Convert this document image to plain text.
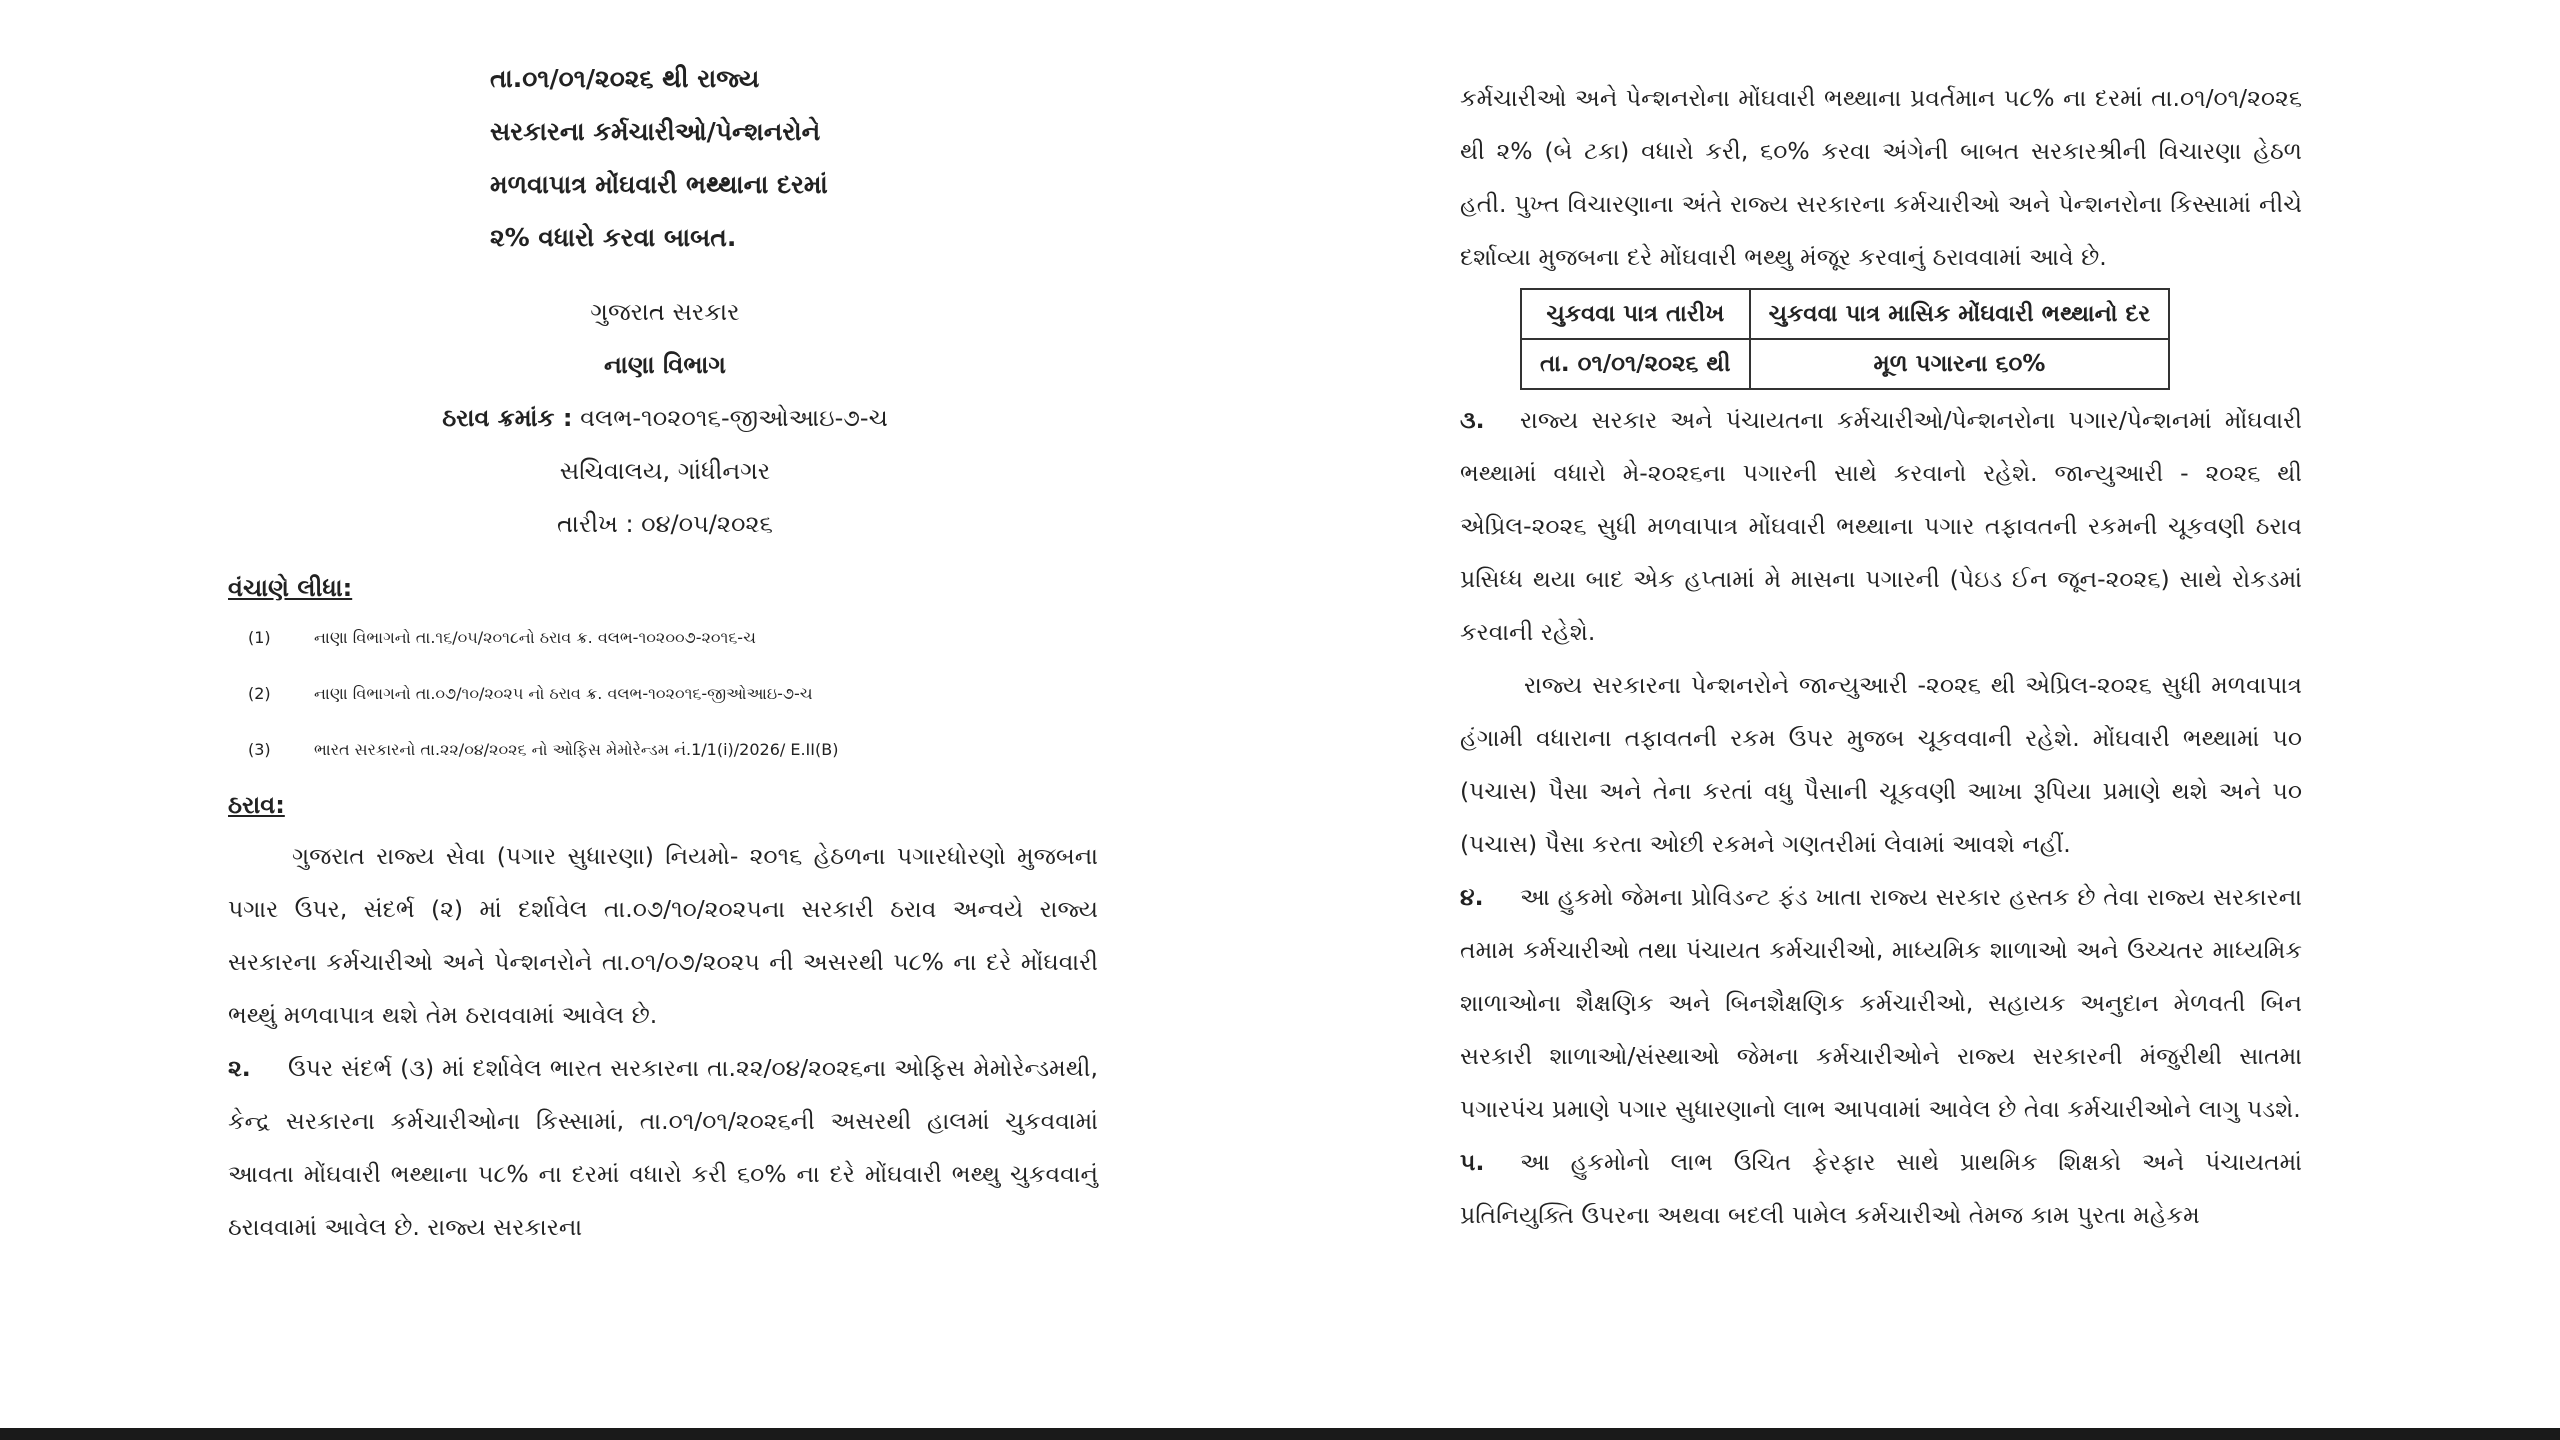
તા.૦૧/૦૧/૨૦૨૬ થી રાજ્ય
સરકારના કર્મચારીઓ/પેન્શનરોને
મળવાપાત્ર મોંઘવારી ભથ્થાના દરમાં
૨% વધારો કરવા બાબત.
ગુજરાત સરકાર
નાણા વિભાગ
ઠરાવ ક્રમાંક : વલભ-૧૦૨૦૧૬-જીઓઆઇ-૭-ચ
સચિવાલય, ગાંધીનગર
તારીખ : ૦૪/૦૫/૨૦૨૬
વંચાણે લીધા:
(1)	નાણા વિભાગનો તા.૧૬/૦૫/૨૦૧૮નો ઠરાવ ક્ર. વલભ-૧૦૨૦૦૭-૨૦૧૬-ચ
(2)	નાણા વિભાગનો તા.૦૭/૧૦/૨૦૨૫ નો ઠરાવ ક્ર. વલભ-૧૦૨૦૧૬-જીઓઆઇ-૭-ચ
(3)	ભારત સરકારનો તા.૨૨/૦૪/૨૦૨૬ નો ઓફિસ મેમોરેન્ડમ નં.1/1(i)/2026/ E.II(B)
ઠરાવ:

ગુજરાત રાજ્ય સેવા (પગાર સુધારણા) નિયમો- ૨૦૧૬ હેઠળના પગારધોરણો મુજબના પગાર ઉપર, સંદર્ભ (૨) માં દર્શાવેલ તા.૦૭/૧૦/૨૦૨૫ના સરકારી ઠરાવ અન્વયે રાજ્ય સરકારના કર્મચારીઓ અને પેન્શનરોને તા.૦૧/૦૭/૨૦૨૫ ની અસરથી ૫૮% ના દરે મોંઘવારી ભથ્થું મળવાપાત્ર થશે તેમ ઠરાવવામાં આવેલ છે.

૨. ઉપર સંદર્ભ (૩) માં દર્શાવેલ ભારત સરકારના તા.૨૨/૦૪/૨૦૨૬ના ઓફિસ મેમોરેન્ડમથી, કેન્દ્ર સરકારના કર્મચારીઓના કિસ્સામાં, તા.૦૧/૦૧/૨૦૨૬ની અસરથી હાલમાં ચુકવવામાં આવતા મોંઘવારી ભથ્થાના ૫૮% ના દરમાં વધારો કરી ૬૦% ના દરે મોંઘવારી ભથ્થુ ચુકવવાનું ઠરાવવામાં આવેલ છે. રાજ્ય સરકારના

કર્મચારીઓ અને પેન્શનરોના મોંઘવારી ભથ્થાના પ્રવર્તમાન ૫૮% ના દરમાં તા.૦૧/૦૧/૨૦૨૬ થી ૨% (બે ટકા) વધારો કરી, ૬૦% કરવા અંગેની બાબત સરકારશ્રીની વિચારણા હેઠળ હતી. પુખ્ત વિચારણાના અંતે રાજ્ય સરકારના કર્મચારીઓ અને પેન્શનરોના કિસ્સામાં નીચે દર્શાવ્યા મુજબના દરે મોંઘવારી ભથ્થુ મંજૂર કરવાનું ઠરાવવામાં આવે છે.

ચુકવવા પાત્ર તારીખ	ચુકવવા પાત્ર માસિક મોંઘવારી ભથ્થાનો દર
તા. ૦૧/૦૧/૨૦૨૬ થી	મૂળ પગારના ૬૦%

૩. રાજ્ય સરકાર અને પંચાયતના કર્મચારીઓ/પેન્શનરોના પગાર/પેન્શનમાં મોંઘવારી ભથ્થામાં વધારો મે-૨૦૨૬ના પગારની સાથે કરવાનો રહેશે. જાન્યુઆરી - ૨૦૨૬ થી એપ્રિલ-૨૦૨૬ સુધી મળવાપાત્ર મોંઘવારી ભથ્થાના પગાર તફાવતની રકમની ચૂકવણી ઠરાવ પ્રસિધ્ધ થયા બાદ એક હપ્તામાં મે માસના પગારની (પેઇડ ઈન જૂન-૨૦૨૬) સાથે રોકડમાં કરવાની રહેશે.

રાજ્ય સરકારના પેન્શનરોને જાન્યુઆરી -૨૦૨૬ થી એપ્રિલ-૨૦૨૬ સુધી મળવાપાત્ર હંગામી વધારાના તફાવતની રકમ ઉપર મુજબ ચૂકવવાની રહેશે. મોંઘવારી ભથ્થામાં ૫૦ (પચાસ) પૈસા અને તેના કરતાં વધુ પૈસાની ચૂકવણી આખા રૂપિયા પ્રમાણે થશે અને ૫૦ (પચાસ) પૈસા કરતા ઓછી રકમને ગણતરીમાં લેવામાં આવશે નહીં.

૪. આ હુકમો જેમના પ્રોવિડન્ટ ફંડ ખાતા રાજ્ય સરકાર હસ્તક છે તેવા રાજ્ય સરકારના તમામ કર્મચારીઓ તથા પંચાયત કર્મચારીઓ, માધ્યમિક શાળાઓ અને ઉચ્ચતર માધ્યમિક શાળાઓના શૈક્ષણિક અને બિનશૈક્ષણિક કર્મચારીઓ, સહાયક અનુદાન મેળવતી બિન સરકારી શાળાઓ/સંસ્થાઓ જેમના કર્મચારીઓને રાજ્ય સરકારની મંજુરીથી સાતમા પગારપંચ પ્રમાણે પગાર સુધારણાનો લાભ આપવામાં આવેલ છે તેવા કર્મચારીઓને લાગુ પડશે.

૫. આ હુકમોનો લાભ ઉચિત ફેરફાર સાથે પ્રાથમિક શિક્ષકો અને પંચાયતમાં પ્રતિનિયુક્તિ ઉપરના અથવા બદલી પામેલ કર્મચારીઓ તેમજ કામ પુરતા મહેકમ
